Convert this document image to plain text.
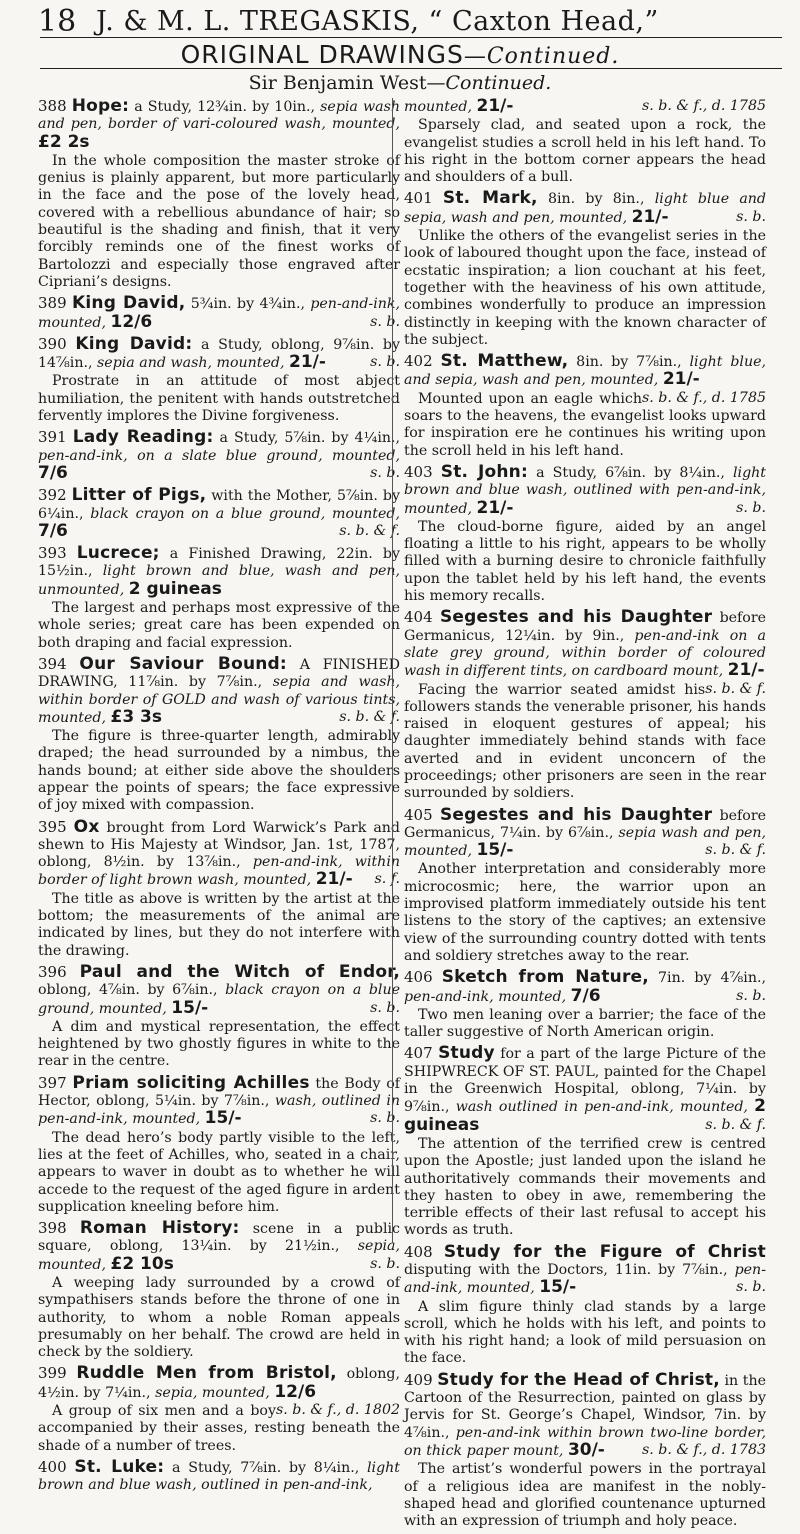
18 J. & M. L. TREGASKIS, “ Caxton Head,”
ORIGINAL DRAWINGS—Continued.
Sir Benjamin West—Continued.
388 Hope: a Study, 12¾in. by 10in., sepia wash and pen, border of vari-coloured wash, mounted, £2 2s
In the whole composition the master stroke of genius is plainly apparent, but more particularly in the face and the pose of the lovely head, covered with a rebellious abundance of hair; so beautiful is the shading and finish, that it very forcibly reminds one of the finest works of Bartolozzi and especially those engraved after Cipriani’s designs.
389 King David, 5¾in. by 4¾in., pen-and-ink, mounted, 12/6	s. b.
390 King David: a Study, oblong, 9⅞in. by 14⅞in., sepia and wash, mounted, 21/-	s. b.
Prostrate in an attitude of most abject humiliation, the penitent with hands outstretched fervently implores the Divine forgiveness.
391 Lady Reading: a Study, 5⅞in. by 4¼in., pen-and-ink, on a slate blue ground, mounted, 7/6	s. b.
392 Litter of Pigs, with the Mother, 5⅞in. by 6¼in., black crayon on a blue ground, mounted, 7/6	s. b. & f.
393 Lucrece; a Finished Drawing, 22in. by 15½in., light brown and blue, wash and pen, unmounted, 2 guineas
The largest and perhaps most expressive of the whole series; great care has been expended on both draping and facial expression.
394 Our Saviour Bound: A FINISHED DRAWING, 11⅞in. by 7⅞in., sepia and wash, within border of GOLD and wash of various tints, mounted, £3 3s	s. b. & f.
The figure is three-quarter length, admirably draped; the head surrounded by a nimbus, the hands bound; at either side above the shoulders appear the points of spears; the face expressive of joy mixed with compassion.
395 Ox brought from Lord Warwick’s Park and shewn to His Majesty at Windsor, Jan. 1st, 1787, oblong, 8½in. by 13⅞in., pen-and-ink, within border of light brown wash, mounted, 21/- s. f.
The title as above is written by the artist at the bottom; the measurements of the animal are indicated by lines, but they do not interfere with the drawing.
396 Paul and the Witch of Endor, oblong, 4⅞in. by 6⅞in., black crayon on a blue ground, mounted, 15/-	s. b.
A dim and mystical representation, the effect heightened by two ghostly figures in white to the rear in the centre.
397 Priam soliciting Achilles the Body of Hector, oblong, 5¼in. by 7⅞in., wash, outlined in pen-and-ink, mounted, 15/-	s. b.
The dead hero’s body partly visible to the left, lies at the feet of Achilles, who, seated in a chair, appears to waver in doubt as to whether he will accede to the request of the aged figure in ardent supplication kneeling before him.
398 Roman History: scene in a public square, oblong, 13¼in. by 21½in., sepia, mounted, £2 10s	s. b.
A weeping lady surrounded by a crowd of sympathisers stands before the throne of one in authority, to whom a noble Roman appeals presumably on her behalf. The crowd are held in check by the soldiery.
399 Ruddle Men from Bristol, oblong, 4½in. by 7¼in., sepia, mounted, 12/6
s. b. & f., d. 1802
A group of six men and a boy accompanied by their asses, resting beneath the shade of a number of trees.
400 St. Luke: a Study, 7⅞in. by 8¼in., light brown and blue wash, outlined in pen-and-ink,
mounted, 21/-	s. b. & f., d. 1785
Sparsely clad, and seated upon a rock, the evangelist studies a scroll held in his left hand. To his right in the bottom corner appears the head and shoulders of a bull.
401 St. Mark, 8in. by 8in., light blue and sepia, wash and pen, mounted, 21/-	s. b.
Unlike the others of the evangelist series in the look of laboured thought upon the face, instead of ecstatic inspiration; a lion couchant at his feet, together with the heaviness of his own attitude, combines wonderfully to produce an impression distinctly in keeping with the known character of the subject.
402 St. Matthew, 8in. by 7⅞in., light blue, and sepia, wash and pen, mounted, 21/-
s. b. & f., d. 1785
Mounted upon an eagle which soars to the heavens, the evangelist looks upward for inspiration ere he continues his writing upon the scroll held in his left hand.
403 St. John: a Study, 6⅞in. by 8¼in., light brown and blue wash, outlined with pen-and-ink, mounted, 21/-	s. b.
The cloud-borne figure, aided by an angel floating a little to his right, appears to be wholly filled with a burning desire to chronicle faithfully upon the tablet held by his left hand, the events his memory recalls.
404 Segestes and his Daughter before Germanicus, 12¼in. by 9in., pen-and-ink on a slate grey ground, within border of coloured wash in different tints, on cardboard mount, 21/-
s. b. & f.
Facing the warrior seated amidst his followers stands the venerable prisoner, his hands raised in eloquent gestures of appeal; his daughter immediately behind stands with face averted and in evident unconcern of the proceedings; other prisoners are seen in the rear surrounded by soldiers.
405 Segestes and his Daughter before Germanicus, 7¼in. by 6⅞in., sepia wash and pen, mounted, 15/-	s. b. & f.
Another interpretation and considerably more microcosmic; here, the warrior upon an improvised platform immediately outside his tent listens to the story of the captives; an extensive view of the surrounding country dotted with tents and soldiery stretches away to the rear.
406 Sketch from Nature, 7in. by 4⅞in., pen-and-ink, mounted, 7/6	s. b.
Two men leaning over a barrier; the face of the taller suggestive of North American origin.
407 Study for a part of the large Picture of the SHIPWRECK OF ST. PAUL, painted for the Chapel in the Greenwich Hospital, oblong, 7¼in. by 9⅞in., wash outlined in pen-and-ink, mounted, 2 guineas	s. b. & f.
The attention of the terrified crew is centred upon the Apostle; just landed upon the island he authoritatively commands their movements and they hasten to obey in awe, remembering the terrible effects of their last refusal to accept his words as truth.
408 Study for the Figure of Christ disputing with the Doctors, 11in. by 7⅞in., pen-and-ink, mounted, 15/-	s. b.
A slim figure thinly clad stands by a large scroll, which he holds with his left, and points to with his right hand; a look of mild persuasion on the face.
409 Study for the Head of Christ, in the Cartoon of the Resurrection, painted on glass by Jervis for St. George’s Chapel, Windsor, 7in. by 4⅞in., pen-and-ink within brown two-line border, on thick paper mount, 30/-	s. b. & f., d. 1783
The artist’s wonderful powers in the portrayal of a religious idea are manifest in the nobly-shaped head and glorified countenance upturned with an expression of triumph and holy peace.
